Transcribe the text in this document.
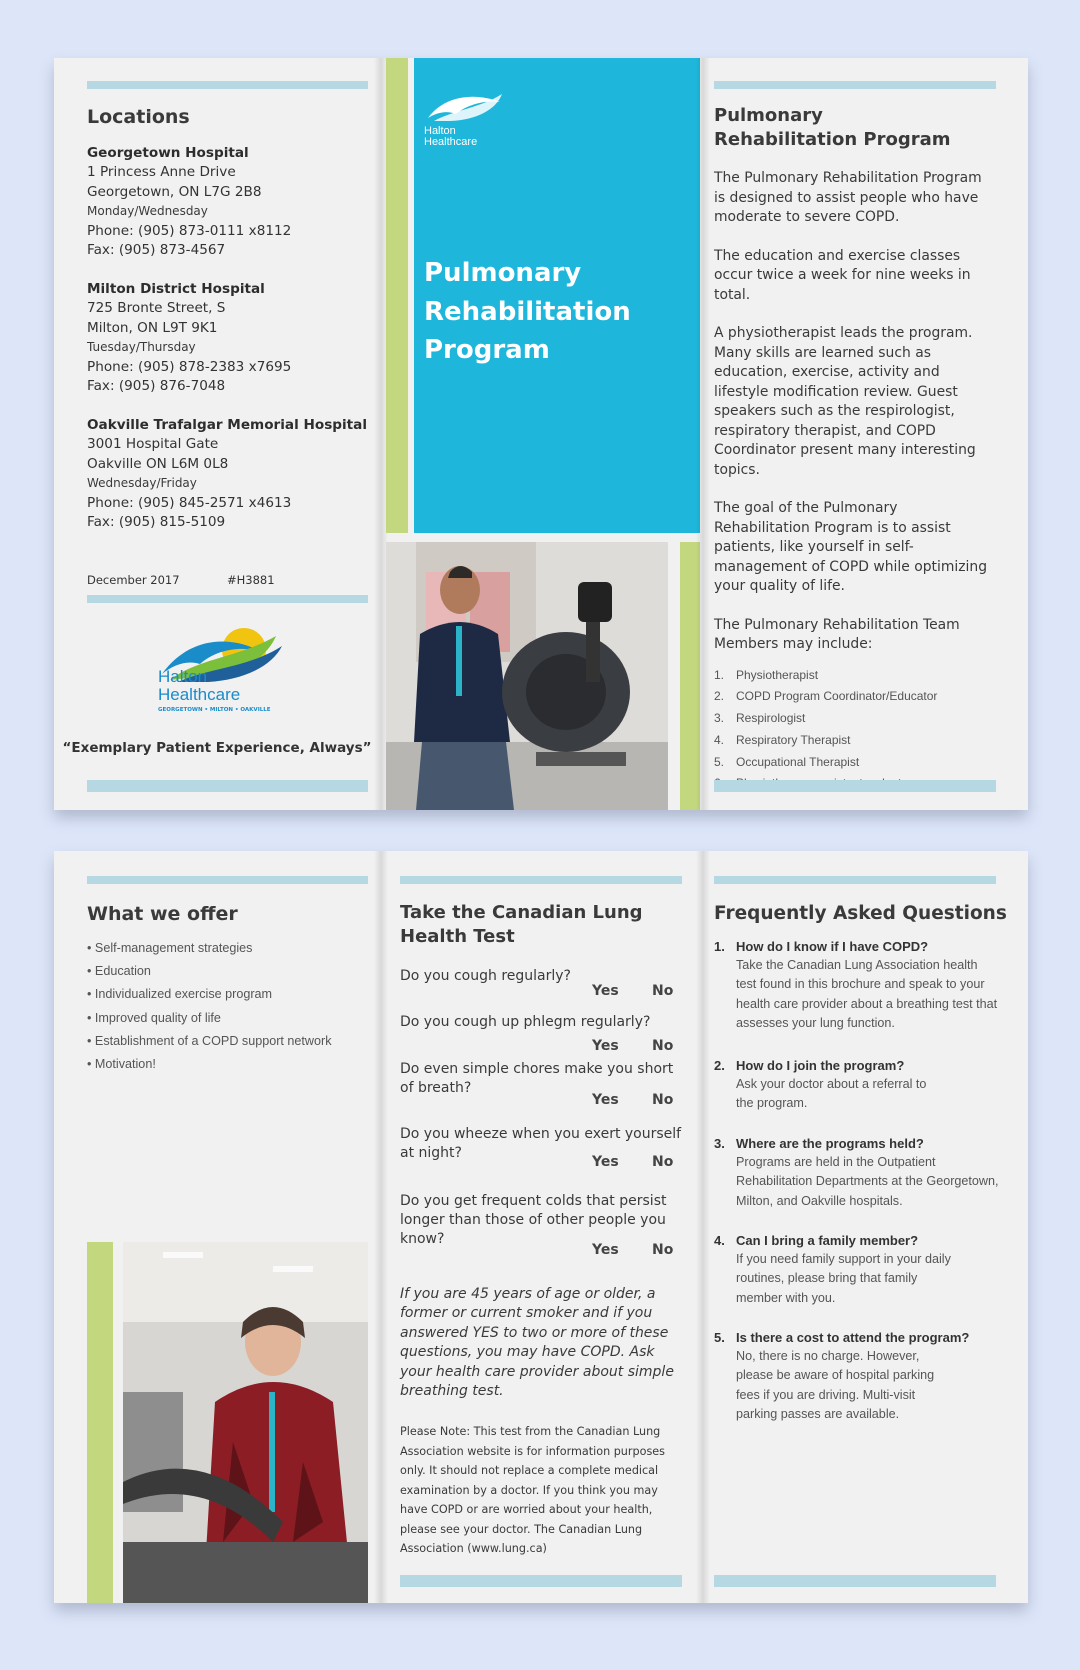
Locations
Georgetown Hospital
1 Princess Anne Drive
Georgetown, ON L7G 2B8
Monday/Wednesday
Phone: (905) 873-0111 x8112
Fax: (905) 873-4567
Milton District Hospital
725 Bronte Street, S
Milton, ON L9T 9K1
Tuesday/Thursday
Phone: (905) 878-2383 x7695
Fax: (905) 876-7048
Oakville Trafalgar Memorial Hospital
3001 Hospital Gate
Oakville ON L6M 0L8
Wednesday/Friday
Phone: (905) 845-2571 x4613
Fax: (905) 815-5109
December 2017	#H3881
Halton
Healthcare
GEORGETOWN • MILTON • OAKVILLE
“Exemplary Patient Experience, Always”
Halton
Healthcare
Pulmonary
Rehabilitation
Program
Pulmonary
Rehabilitation Program

The Pulmonary Rehabilitation Program is designed to assist people who have moderate to severe COPD.

The education and exercise classes occur twice a week for nine weeks in total.

A physiotherapist leads the program. Many skills are learned such as education, exercise, activity and lifestyle modification review. Guest speakers such as the respirologist, respiratory therapist, and COPD Coordinator present many interesting topics.

The goal of the Pulmonary Rehabilitation Program is to assist patients, like yourself in self-management of COPD while optimizing your quality of life.

The Pulmonary Rehabilitation Team Members may include:

1. Physiotherapist
2. COPD Program Coordinator/Educator
3. Respirologist
4. Respiratory Therapist
5. Occupational Therapist
What we offer
• Self-management strategies
• Education
• Individualized exercise program
• Improved quality of life
• Establishment of a COPD support network
• Motivation!
Take the Canadian Lung
Health Test
Do you cough regularly?
Yes No
Do you cough up phlegm regularly?
Yes No
Do even simple chores make you short of breath?
Yes No
Do you wheeze when you exert yourself at night?
Yes No
Do you get frequent colds that persist longer than those of other people you know?
Yes No
If you are 45 years of age or older, a former or current smoker and if you answered YES to two or more of these questions, you may have COPD. Ask your health care provider about simple breathing test.
Please Note: This test from the Canadian Lung Association website is for information purposes only. It should not replace a complete medical examination by a doctor. If you think you may have COPD or are worried about your health, please see your doctor. The Canadian Lung Association (www.lung.ca)
Frequently Asked Questions
1. How do I know if I have COPD?
Take the Canadian Lung Association health test found in this brochure and speak to your health care provider about a breathing test that assesses your lung function.
2. How do I join the program?
Ask your doctor about a referral to the program.
3. Where are the programs held?
Programs are held in the Outpatient Rehabilitation Departments at the Georgetown, Milton, and Oakville hospitals.
4. Can I bring a family member?
If you need family support in your daily routines, please bring that family member with you.
5. Is there a cost to attend the program?
No, there is no charge. However, please be aware of hospital parking fees if you are driving. Multi-visit parking passes are available.
